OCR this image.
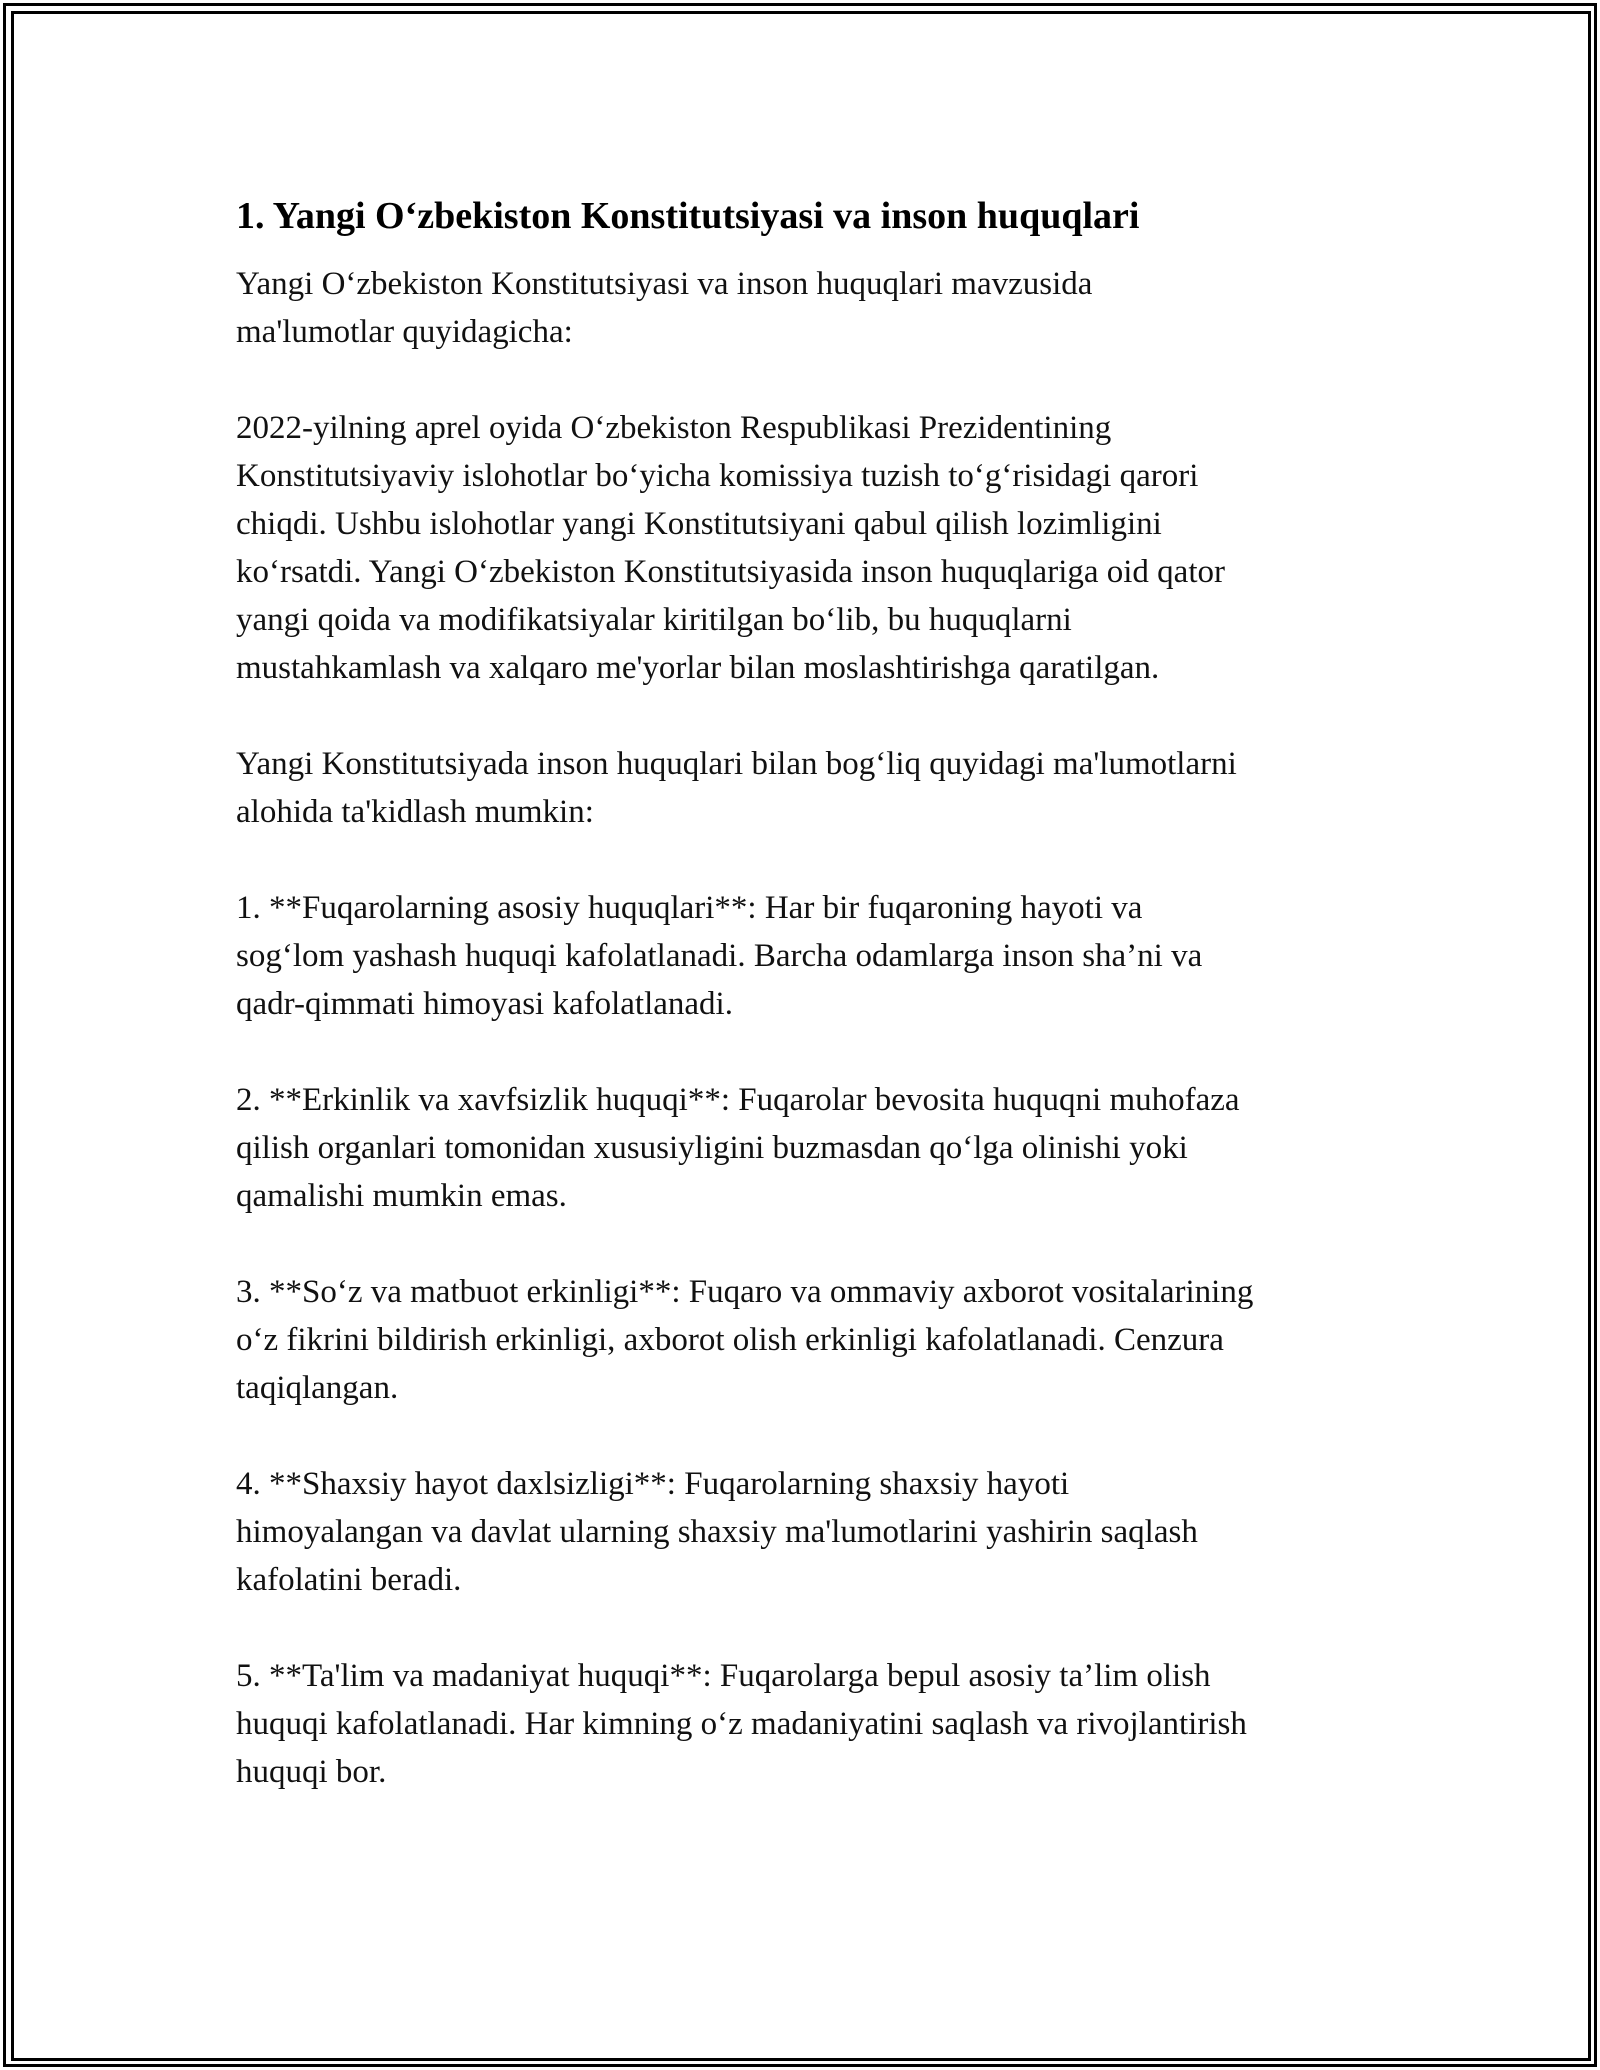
1. Yangi O‘zbekiston Konstitutsiyasi va inson huquqlari

Yangi O‘zbekiston Konstitutsiyasi va inson huquqlari mavzusida
ma'lumotlar quyidagicha:

2022-yilning aprel oyida O‘zbekiston Respublikasi Prezidentining
Konstitutsiyaviy islohotlar bo‘yicha komissiya tuzish to‘g‘risidagi qarori
chiqdi. Ushbu islohotlar yangi Konstitutsiyani qabul qilish lozimligini
ko‘rsatdi. Yangi O‘zbekiston Konstitutsiyasida inson huquqlariga oid qator
yangi qoida va modifikatsiyalar kiritilgan bo‘lib, bu huquqlarni
mustahkamlash va xalqaro me'yorlar bilan moslashtirishga qaratilgan.

Yangi Konstitutsiyada inson huquqlari bilan bog‘liq quyidagi ma'lumotlarni
alohida ta'kidlash mumkin:

1. **Fuqarolarning asosiy huquqlari**: Har bir fuqaroning hayoti va
sog‘lom yashash huquqi kafolatlanadi. Barcha odamlarga inson sha’ni va
qadr-qimmati himoyasi kafolatlanadi.

2. **Erkinlik va xavfsizlik huquqi**: Fuqarolar bevosita huquqni muhofaza
qilish organlari tomonidan xususiyligini buzmasdan qo‘lga olinishi yoki
qamalishi mumkin emas.

3. **So‘z va matbuot erkinligi**: Fuqaro va ommaviy axborot vositalarining
o‘z fikrini bildirish erkinligi, axborot olish erkinligi kafolatlanadi. Cenzura
taqiqlangan.

4. **Shaxsiy hayot daxlsizligi**: Fuqarolarning shaxsiy hayoti
himoyalangan va davlat ularning shaxsiy ma'lumotlarini yashirin saqlash
kafolatini beradi.

5. **Ta'lim va madaniyat huquqi**: Fuqarolarga bepul asosiy ta’lim olish
huquqi kafolatlanadi. Har kimning o‘z madaniyatini saqlash va rivojlantirish
huquqi bor.
